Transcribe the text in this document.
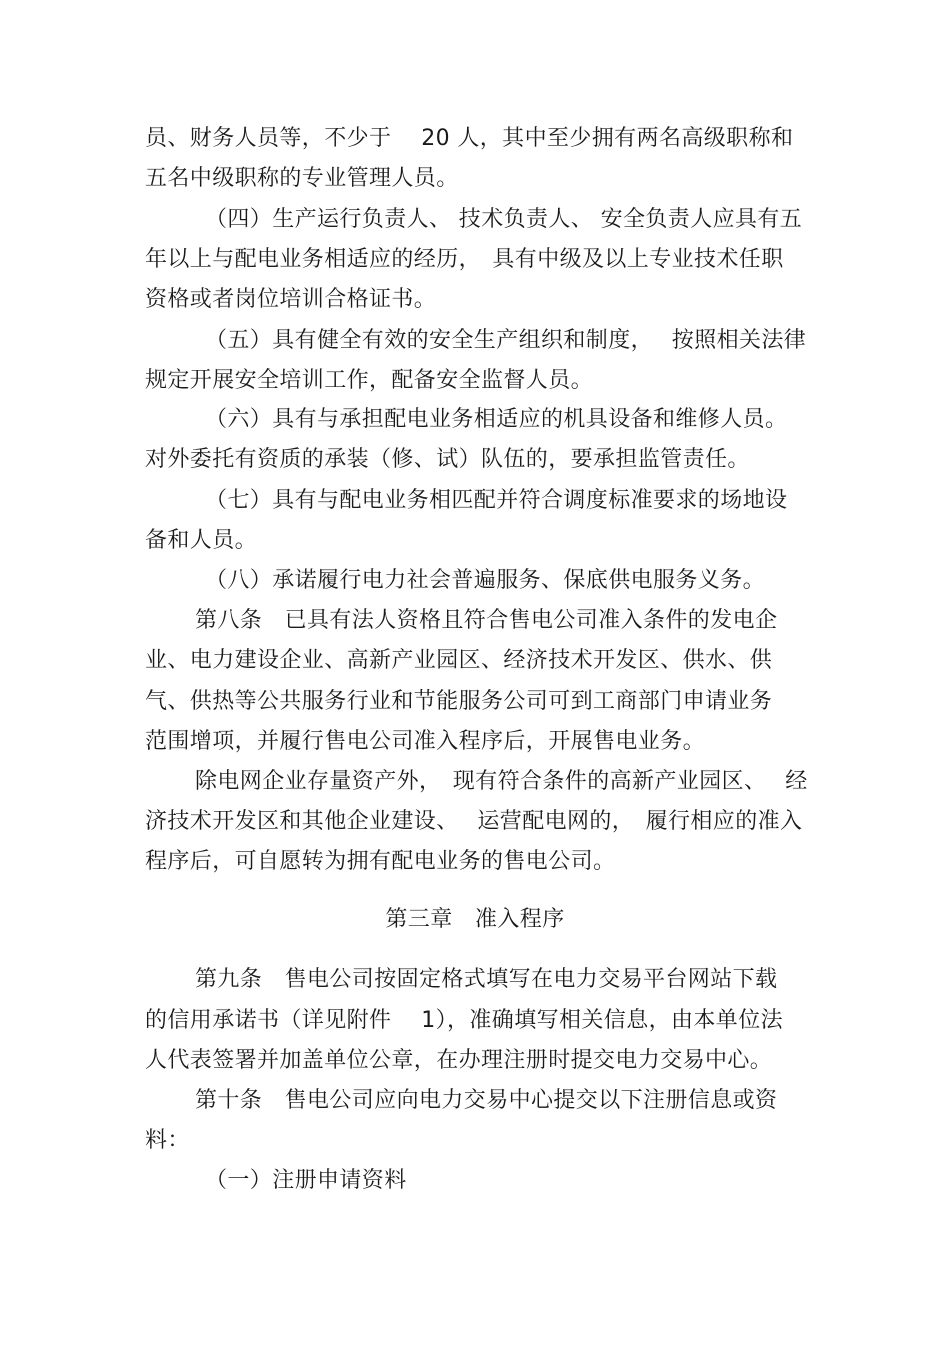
员、财务人员等，不少于　 20 人，其中至少拥有两名高级职称和
五名中级职称的专业管理人员。
（四）生产运行负责人、 技术负责人、 安全负责人应具有五
年以上与配电业务相适应的经历，　具有中级及以上专业技术任职
资格或者岗位培训合格证书。
（五）具有健全有效的安全生产组织和制度，　 按照相关法律
规定开展安全培训工作，配备安全监督人员。
（六）具有与承担配电业务相适应的机具设备和维修人员。
对外委托有资质的承装（修、试）队伍的，要承担监管责任。
（七）具有与配电业务相匹配并符合调度标准要求的场地设
备和人员。
（八）承诺履行电力社会普遍服务、保底供电服务义务。
第八条　已具有法人资格且符合售电公司准入条件的发电企
业、电力建设企业、高新产业园区、经济技术开发区、供水、供
气、供热等公共服务行业和节能服务公司可到工商部门申请业务
范围增项，并履行售电公司准入程序后，开展售电业务。
除电网企业存量资产外，　现有符合条件的高新产业园区、　 经
济技术开发区和其他企业建设、　 运营配电网的，　履行相应的准入
程序后，可自愿转为拥有配电业务的售电公司。
第三章　准入程序
第九条　售电公司按固定格式填写在电力交易平台网站下载
的信用承诺书（详见附件　 1），准确填写相关信息，由本单位法
人代表签署并加盖单位公章，在办理注册时提交电力交易中心。
第十条　售电公司应向电力交易中心提交以下注册信息或资
料：
（一）注册申请资料
